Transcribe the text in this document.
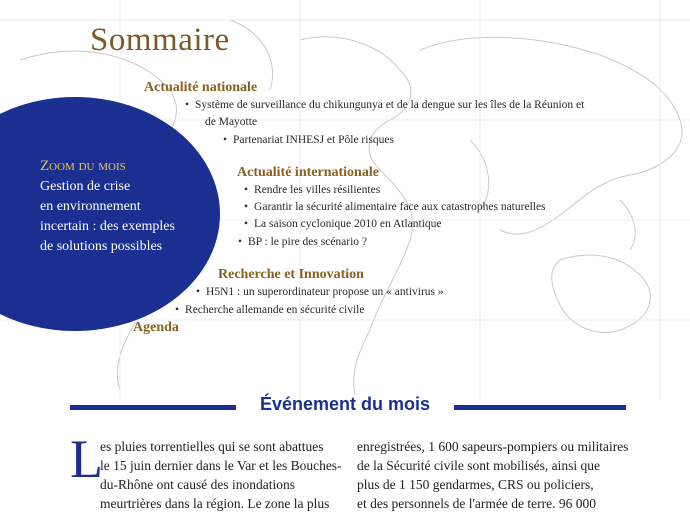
Sommaire
Zoom du mois
Gestion de crise
en environnement
incertain : des exemples
de solutions possibles
Actualité nationale
• Système de surveillance du chikungunya et de la dengue sur les îles de la Réunion et
de Mayotte
• Partenariat INHESJ et Pôle risques
Actualité internationale
• Rendre les villes résilientes
• Garantir la sécurité alimentaire face aux catastrophes naturelles
• La saison cyclonique 2010 en Atlantique
• BP : le pire des scénario ?
Recherche et Innovation
• H5N1 : un superordinateur propose un « antivirus »
• Recherche allemande en sécurité civile
Agenda
Événement du mois
L
es pluies torrentielles qui se sont abattues
le 15 juin dernier dans le Var et les Bouches-
du-Rhône ont causé des inondations
meurtrières dans la région. Le zone la plus
enregistrées, 1 600 sapeurs-pompiers ou militaires
de la Sécurité civile sont mobilisés, ainsi que
plus de 1 150 gendarmes, CRS ou policiers,
et des personnels de l'armée de terre. 96 000
